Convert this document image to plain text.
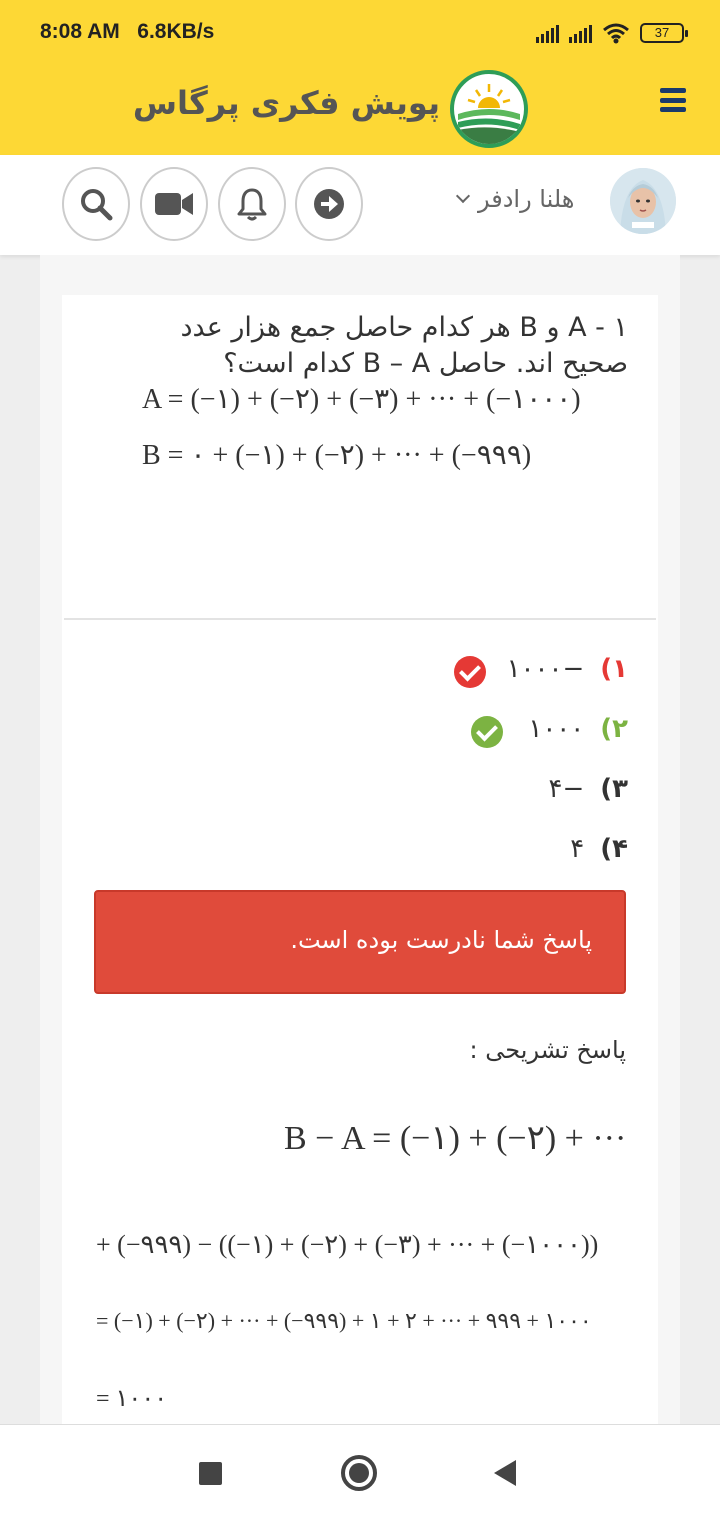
8:08 AM 6.8KB/s	37
پویش فکری پرگاس
هلنا رادفر
۱ - A و B هر کدام حاصل جمع هزار عدد صحیح اند. حاصل B – A کدام است؟
A = (−۱) + (−۲) + (−۳) + ··· + (−۱۰۰۰)
B = ۰ + (−۱) + (−۲) + ··· + (−۹۹۹)
۱)
−۱۰۰۰
۲)
۱۰۰۰
۳)
−۴
۴)
۴
پاسخ شما نادرست بوده است.
پاسخ تشریحی :
B − A = (−۱) + (−۲) + ···
+ (−۹۹۹) − ((−۱) + (−۲) + (−۳) + ··· + (−۱۰۰۰))
= (−۱) + (−۲) + ··· + (−۹۹۹) + ۱ + ۲ + ··· + ۹۹۹ + ۱۰۰۰
= ۱۰۰۰
